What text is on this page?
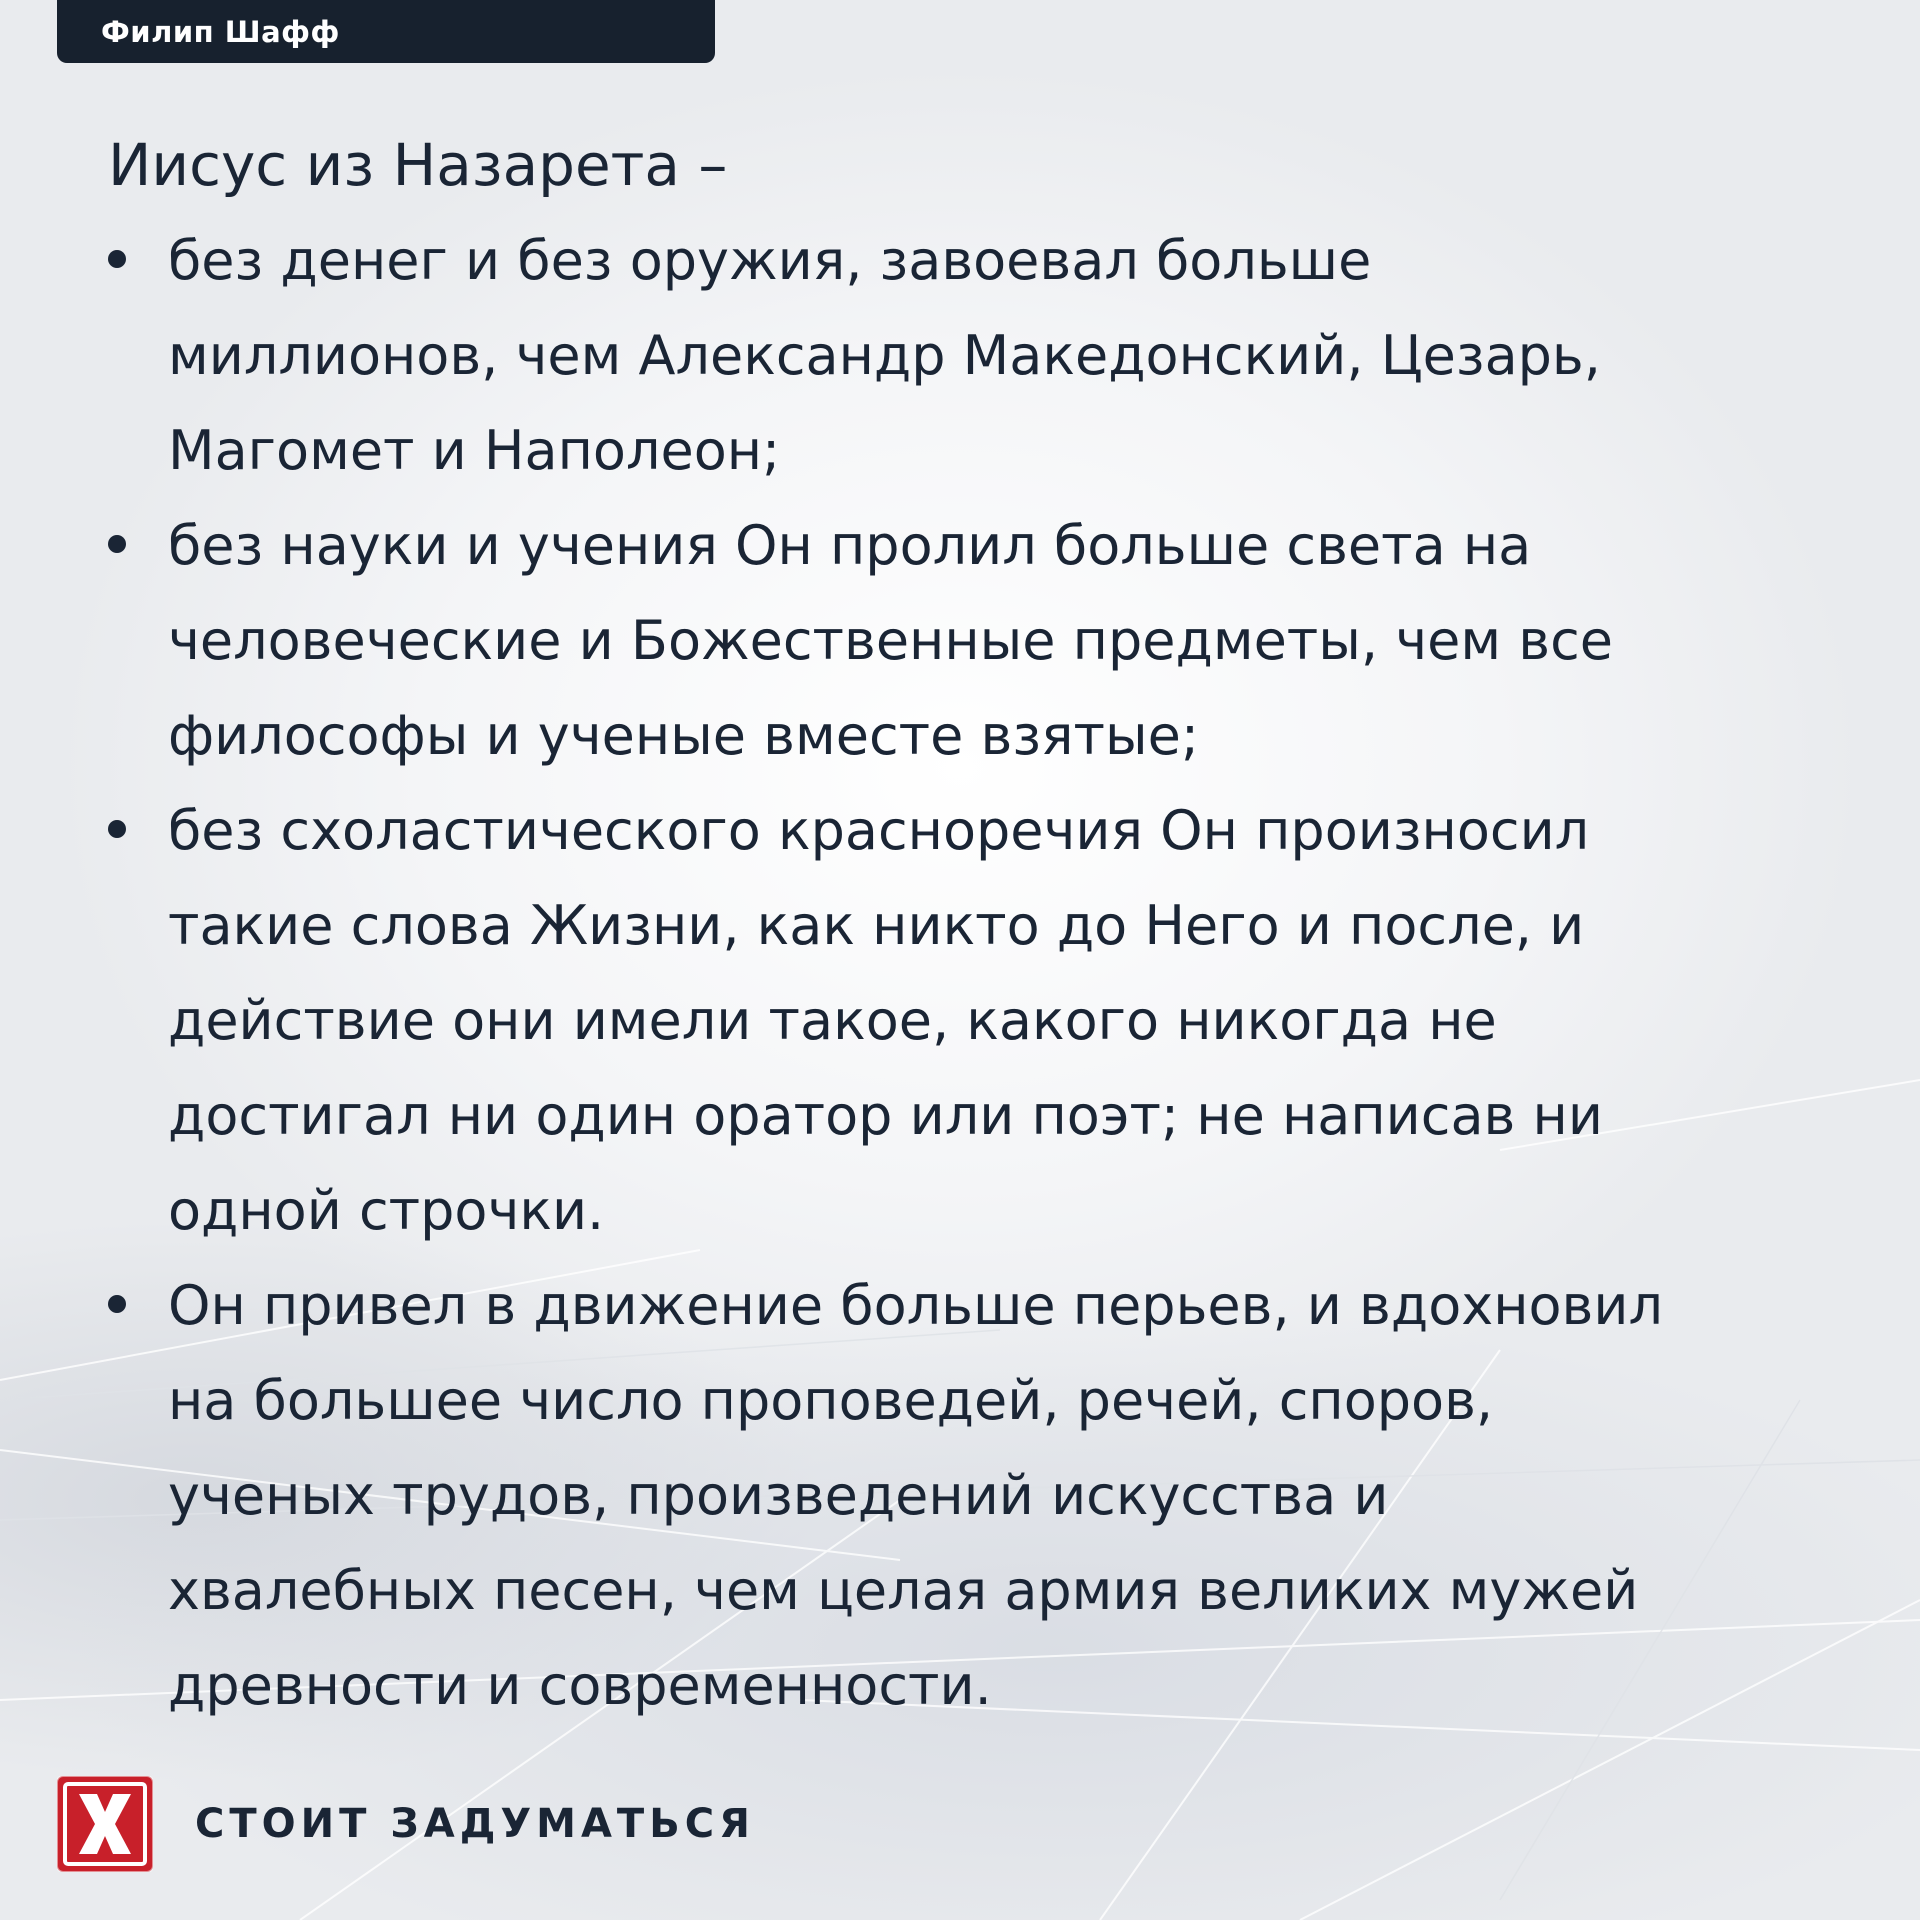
Филип Шафф

Иисус из Назарета –

без денег и без оружия, завоевал больше миллионов, чем Александр Македонский, Цезарь, Магомет и Наполеон;
без науки и учения Он пролил больше света на человеческие и Божественные предметы, чем все философы и ученые вместе взятые;
без схоластического красноречия Он произносил такие слова Жизни, как никто до Него и после, и действие они имели такое, какого никогда не достигал ни один оратор или поэт; не написав ни одной строчки.
Он привел в движение больше перьев, и вдохновил на большее число проповедей, речей, споров, ученых трудов, произведений искусства и хвалебных песен, чем целая армия великих мужей древности и современности.
СТОИТ ЗАДУМАТЬСЯ
